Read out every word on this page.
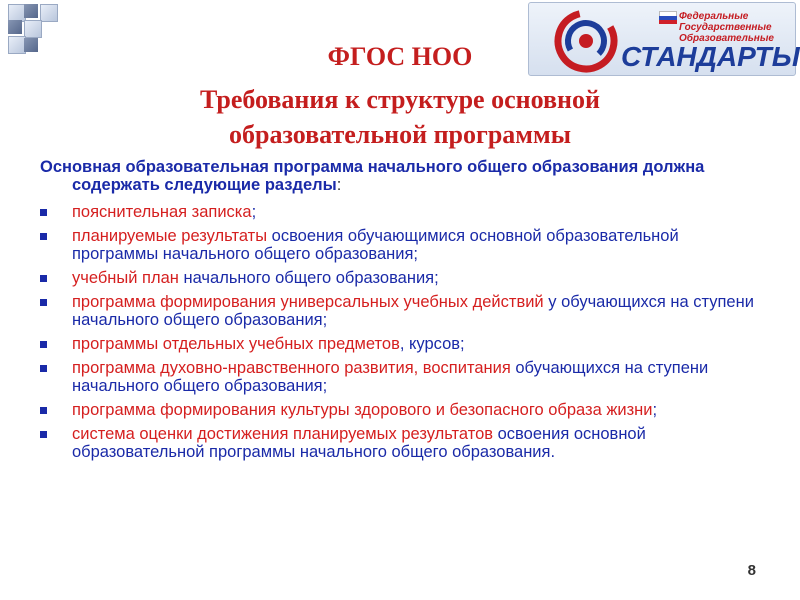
Федеральные
Государственные
Образовательные
СТАНДАРТЫ
ФГОС НОО
Требования к структуре основной
образовательной программы

Основная образовательная программа начального общего образования должна содержать следующие разделы:

пояснительная записка;
планируемые результаты освоения обучающимися основной образовательной программы начального общего образования;
учебный план начального общего образования;
программа формирования универсальных учебных действий у обучающихся на ступени начального общего образования;
программы отдельных учебных предметов, курсов;
программа духовно-нравственного развития, воспитания обучающихся на ступени начального общего образования;
программа формирования культуры здорового и безопасного образа жизни;
система оценки достижения планируемых результатов освоения основной образовательной программы начального общего образования.
8
